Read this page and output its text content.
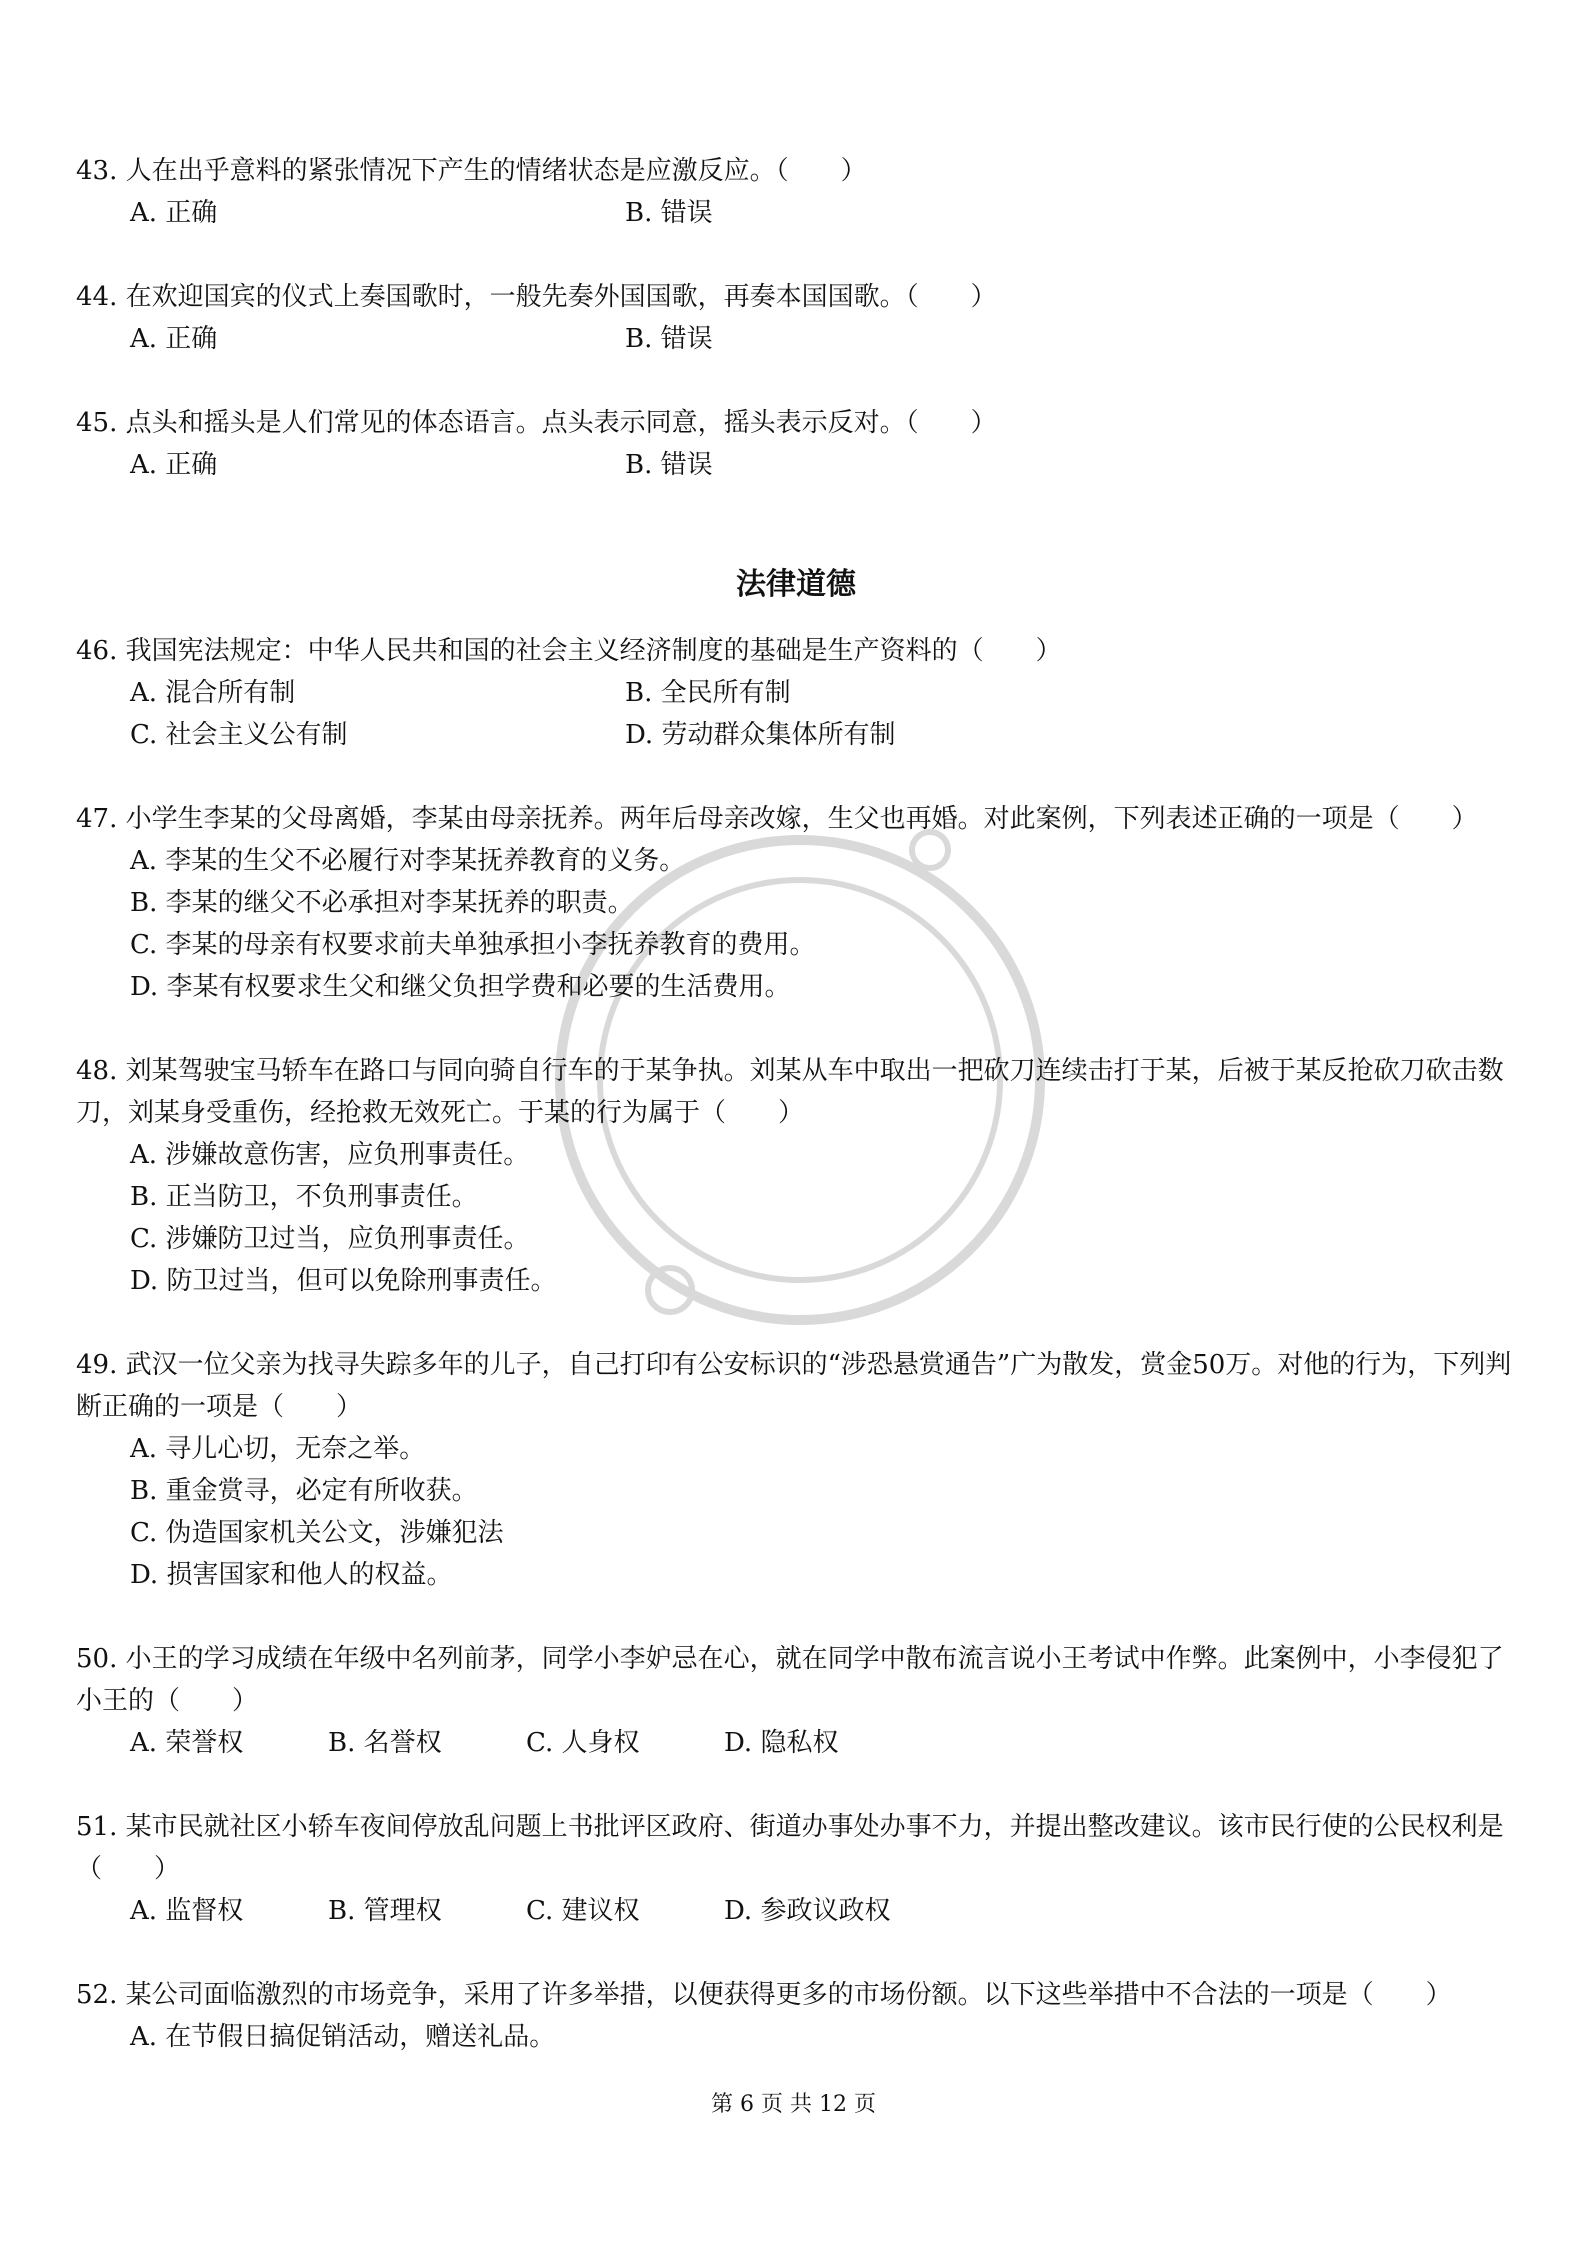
43. 人在出乎意料的紧张情况下产生的情绪状态是应激反应。（　　）

A. 正确	B. 错误

44. 在欢迎国宾的仪式上奏国歌时，一般先奏外国国歌，再奏本国国歌。（　　）

A. 正确	B. 错误

45. 点头和摇头是人们常见的体态语言。点头表示同意，摇头表示反对。（　　）

A. 正确	B. 错误

法律道德

46. 我国宪法规定：中华人民共和国的社会主义经济制度的基础是生产资料的（　　）

A. 混合所有制	B. 全民所有制
C. 社会主义公有制	D. 劳动群众集体所有制

47. 小学生李某的父母离婚，李某由母亲抚养。两年后母亲改嫁，生父也再婚。对此案例，下列表述正确的一项是（　　）

A. 李某的生父不必履行对李某抚养教育的义务。
B. 李某的继父不必承担对李某抚养的职责。
C. 李某的母亲有权要求前夫单独承担小李抚养教育的费用。
D. 李某有权要求生父和继父负担学费和必要的生活费用。

48. 刘某驾驶宝马轿车在路口与同向骑自行车的于某争执。刘某从车中取出一把砍刀连续击打于某，后被于某反抢砍刀砍击数刀，刘某身受重伤，经抢救无效死亡。于某的行为属于（　　）

A. 涉嫌故意伤害，应负刑事责任。
B. 正当防卫，不负刑事责任。
C. 涉嫌防卫过当，应负刑事责任。
D. 防卫过当，但可以免除刑事责任。

49. 武汉一位父亲为找寻失踪多年的儿子，自己打印有公安标识的“涉恐悬赏通告”广为散发，赏金50万。对他的行为，下列判断正确的一项是（　　）

A. 寻儿心切，无奈之举。
B. 重金赏寻，必定有所收获。
C. 伪造国家机关公文，涉嫌犯法
D. 损害国家和他人的权益。

50. 小王的学习成绩在年级中名列前茅，同学小李妒忌在心，就在同学中散布流言说小王考试中作弊。此案例中，小李侵犯了小王的（　　）

A. 荣誉权	B. 名誉权	C. 人身权	D. 隐私权

51. 某市民就社区小轿车夜间停放乱问题上书批评区政府、街道办事处办事不力，并提出整改建议。该市民行使的公民权利是（　　）

A. 监督权	B. 管理权	C. 建议权	D. 参政议政权

52. 某公司面临激烈的市场竞争，采用了许多举措，以便获得更多的市场份额。以下这些举措中不合法的一项是（　　）

A. 在节假日搞促销活动，赠送礼品。
第 6 页 共 12 页
